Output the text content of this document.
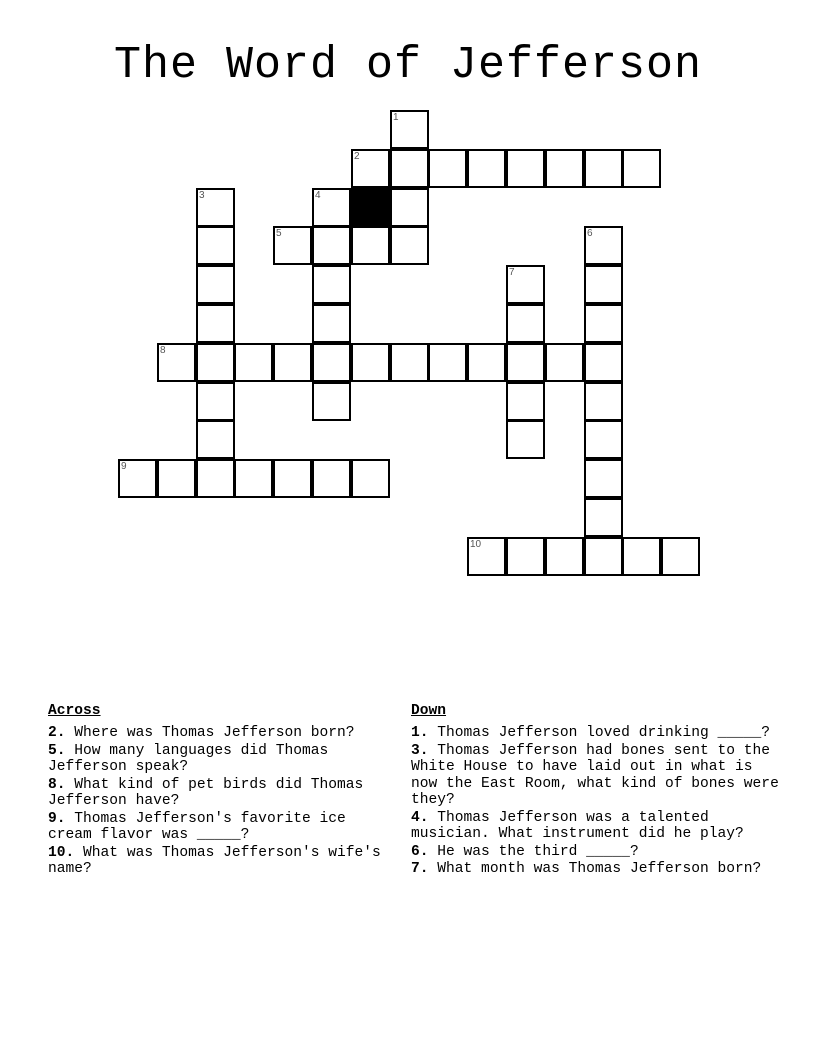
The Word of Jefferson
1
2
3	4
5	6
7
8
9
10
Across
2. Where was Thomas Jefferson born?
5. How many languages did Thomas Jefferson speak?
8. What kind of pet birds did Thomas Jefferson have?
9. Thomas Jefferson's favorite ice cream flavor was _____?
10. What was Thomas Jefferson's wife's name?
Down
1. Thomas Jefferson loved drinking _____?
3. Thomas Jefferson had bones sent to the White House to have laid out in what is now the East Room, what kind of bones were they?
4. Thomas Jefferson was a talented musician. What instrument did he play?
6. He was the third _____?
7. What month was Thomas Jefferson born?
